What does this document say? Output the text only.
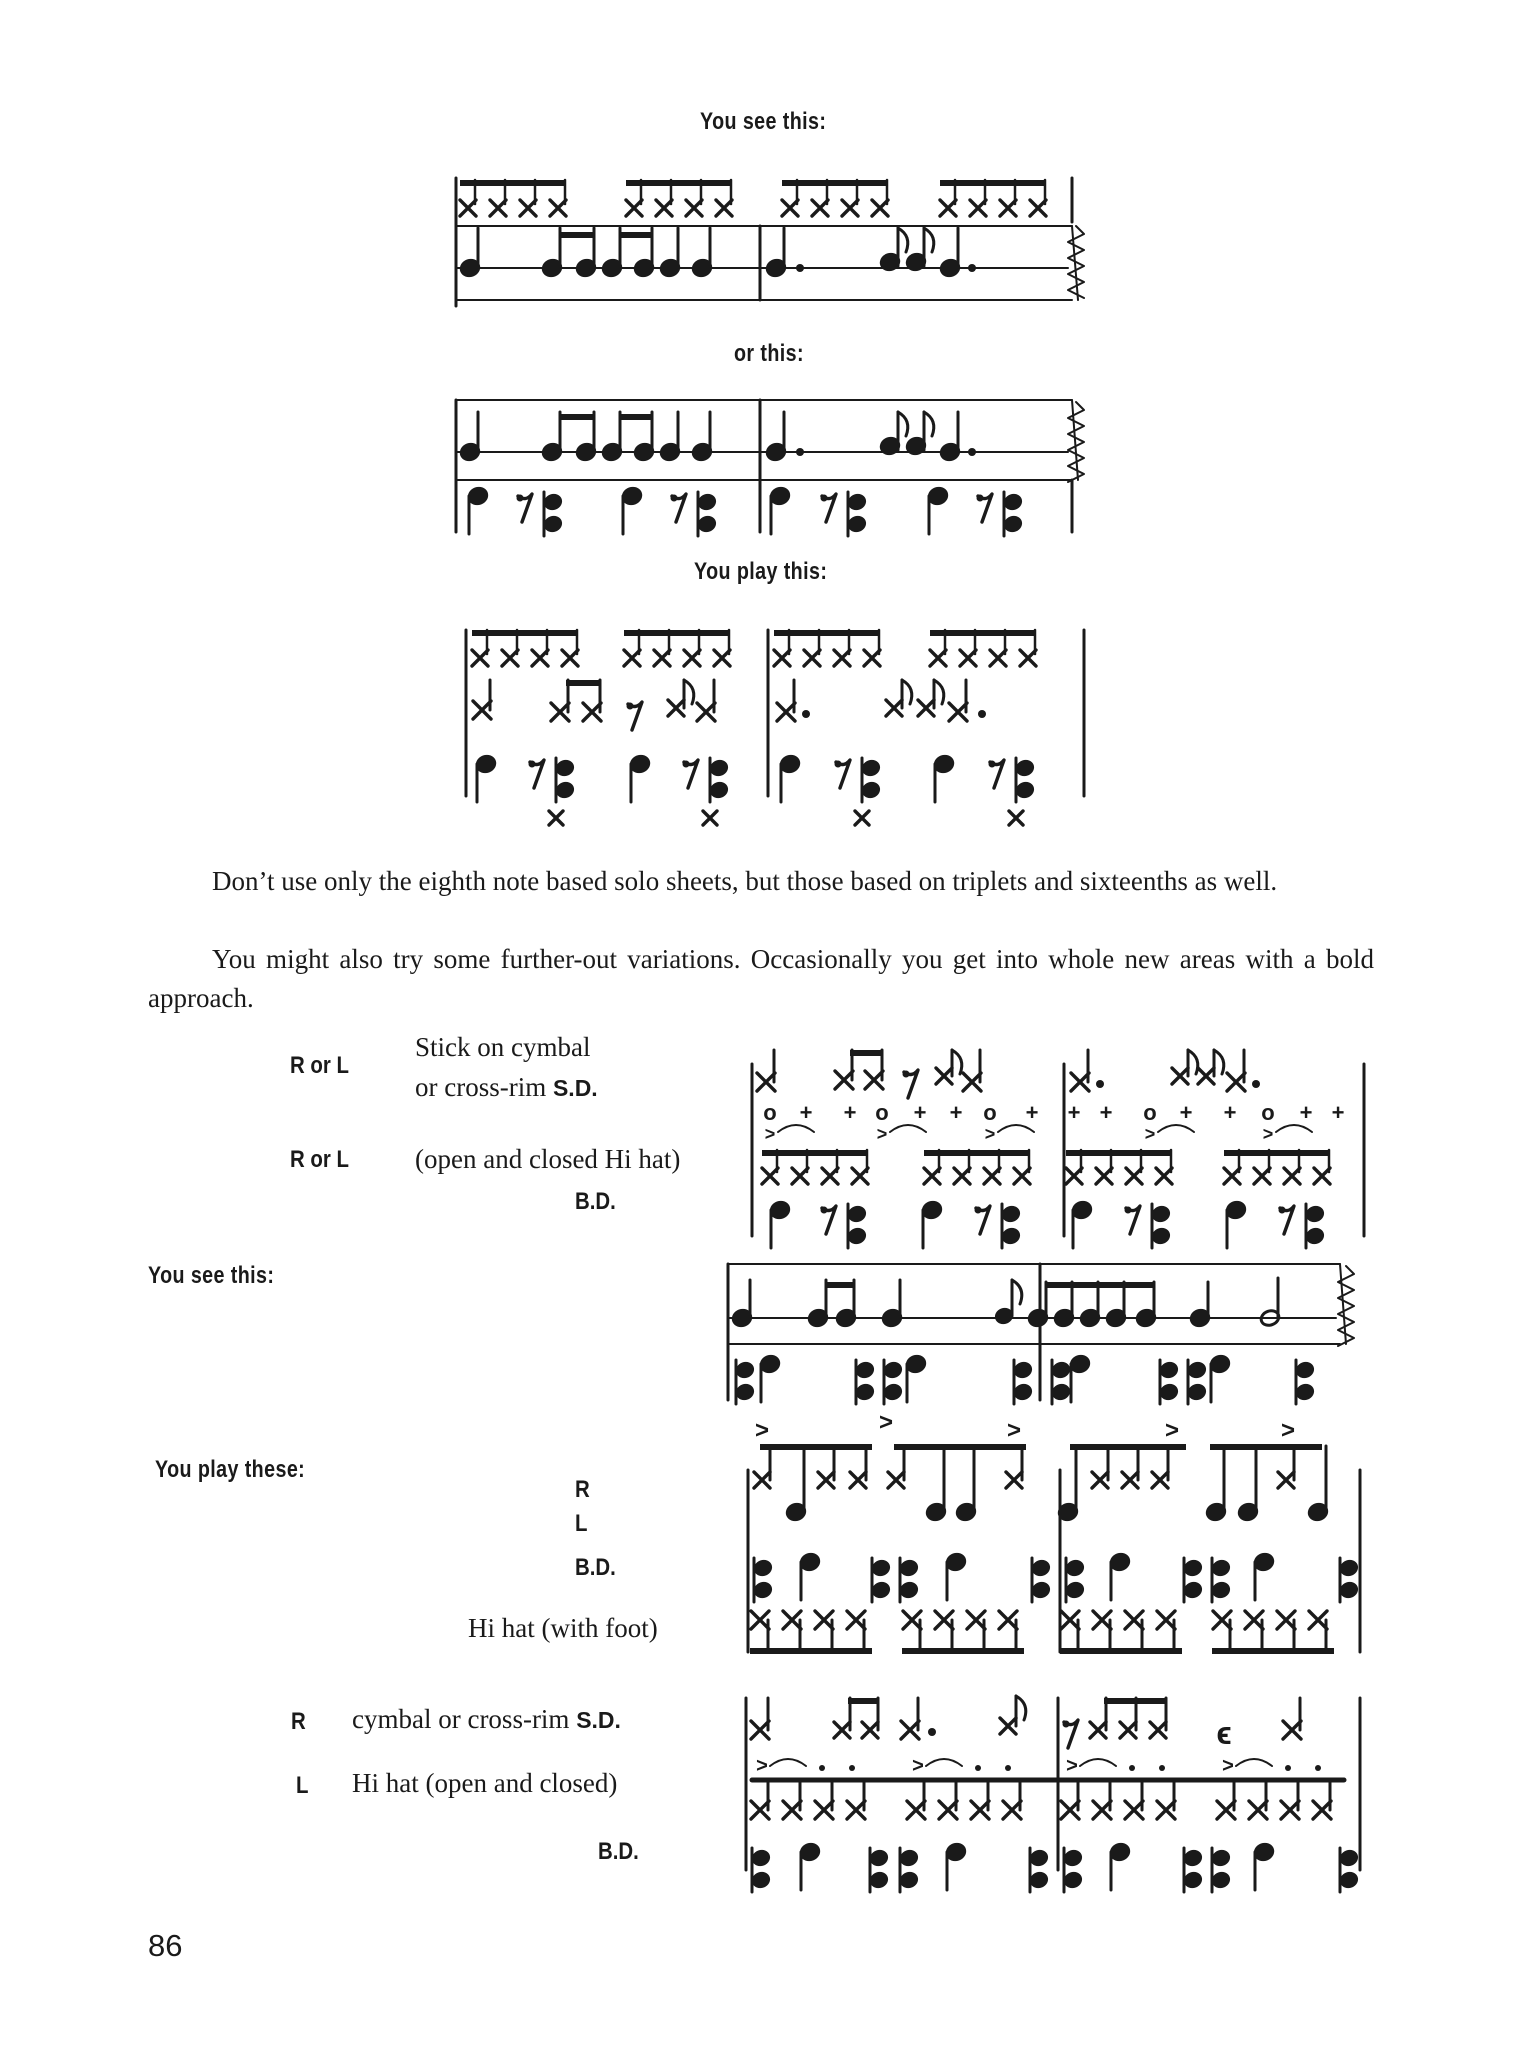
You see this:
or this:
You play this:

Don’t use only the eighth note based solo sheets, but those based on triplets and sixteenths as well.

You might also try some further-out variations. Occasionally you get into whole new areas with a bold approach.

R or L
Stick on cymbal
or cross-rim S.D.
R or L (open and closed Hi hat)
B.D.
You see this:
You play these:
R
L
B.D.
Hi hat (with foot)
R cymbal or cross-rim S.D.
L Hi hat (open and closed)
B.D.
86
o + + o + + o + + + o + + o + +
>	>	>	>	>
>	>	>	>	>
ϵ
>	>	>	>
